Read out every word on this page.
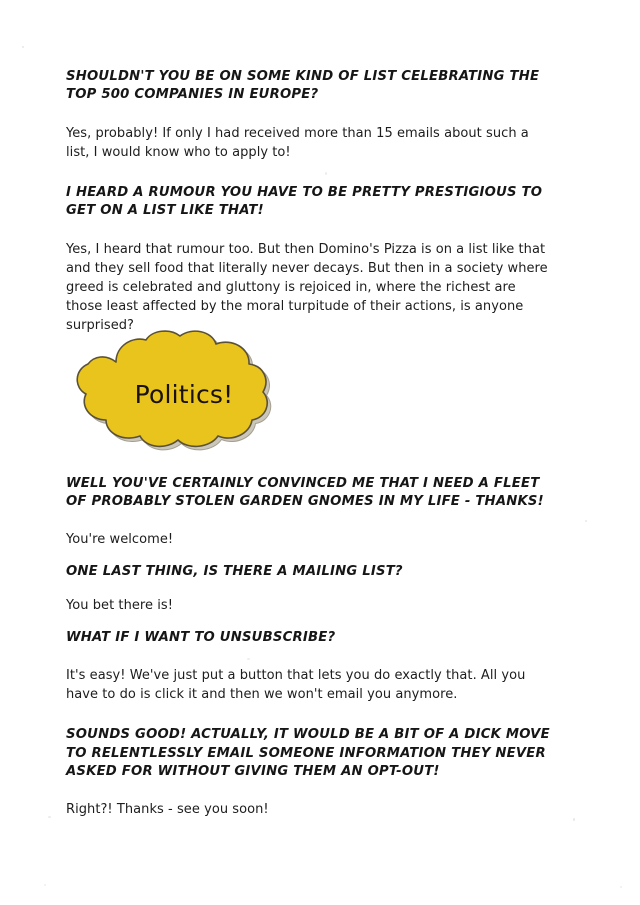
SHOULDN'T YOU BE ON SOME KIND OF LIST CELEBRATING THE TOP 500 COMPANIES IN EUROPE?

Yes, probably! If only I had received more than 15 emails about such a list, I would know who to apply to!

I HEARD A RUMOUR YOU HAVE TO BE PRETTY PRESTIGIOUS TO GET ON A LIST LIKE THAT!

Yes, I heard that rumour too. But then Domino's Pizza is on a list like that and they sell food that literally never decays. But then in a society where greed is celebrated and gluttony is rejoiced in, where the richest are those least affected by the moral turpitude of their actions, is anyone surprised?

WELL YOU'VE CERTAINLY CONVINCED ME THAT I NEED A FLEET OF PROBABLY STOLEN GARDEN GNOMES IN MY LIFE - THANKS!

You're welcome!

ONE LAST THING, IS THERE A MAILING LIST?

You bet there is!

WHAT IF I WANT TO UNSUBSCRIBE?

It's easy! We've just put a button that lets you do exactly that. All you have to do is click it and then we won't email you anymore.

SOUNDS GOOD! ACTUALLY, IT WOULD BE A BIT OF A DICK MOVE TO RELENTLESSLY EMAIL SOMEONE INFORMATION THEY NEVER ASKED FOR WITHOUT GIVING THEM AN OPT-OUT!

Right?! Thanks - see you soon!

Politics!
